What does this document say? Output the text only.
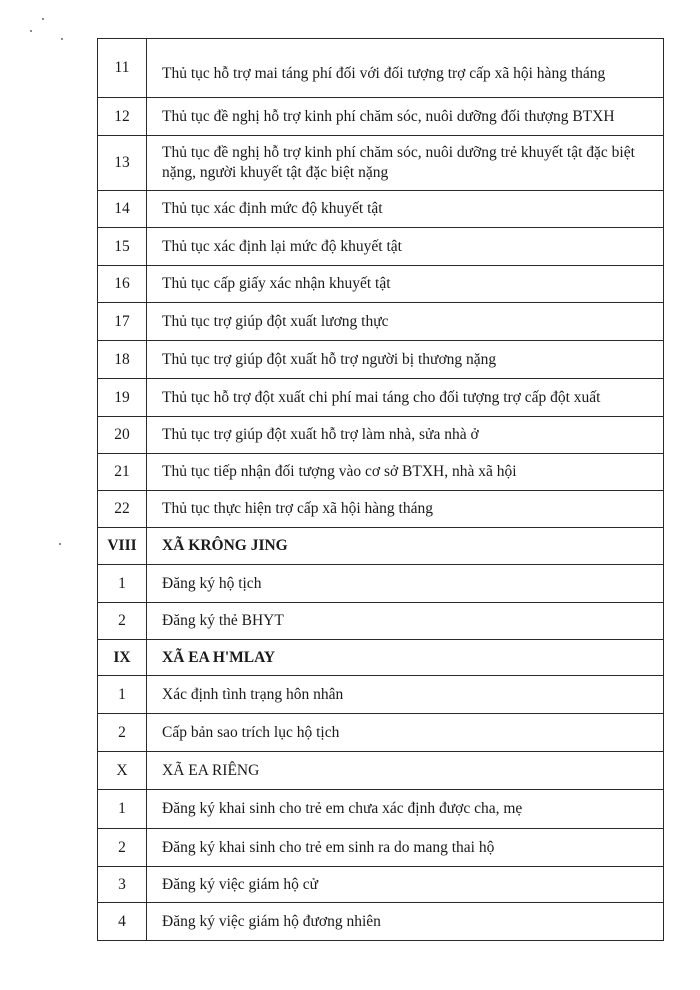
11	Thủ tục hỗ trợ mai táng phí đối với đối tượng trợ cấp xã hội hàng tháng
12	Thủ tục đề nghị hỗ trợ kinh phí chăm sóc, nuôi dưỡng đối thượng BTXH
13	Thủ tục đề nghị hỗ trợ kinh phí chăm sóc, nuôi dưỡng trẻ khuyết tật đặc biệt nặng, người khuyết tật đặc biệt nặng
14	Thủ tục xác định mức độ khuyết tật
15	Thủ tục xác định lại mức độ khuyết tật
16	Thủ tục cấp giấy xác nhận khuyết tật
17	Thủ tục trợ giúp đột xuất lương thực
18	Thủ tục trợ giúp đột xuất hỗ trợ người bị thương nặng
19	Thủ tục hỗ trợ đột xuất chi phí mai táng cho đối tượng trợ cấp đột xuất
20	Thủ tục trợ giúp đột xuất hỗ trợ làm nhà, sửa nhà ở
21	Thủ tục tiếp nhận đối tượng vào cơ sở BTXH, nhà xã hội
22	Thủ tục thực hiện trợ cấp xã hội hàng tháng
VIII	XÃ KRÔNG JING
1	Đăng ký hộ tịch
2	Đăng ký thẻ BHYT
IX	XÃ EA H'MLAY
1	Xác định tình trạng hôn nhân
2	Cấp bản sao trích lục hộ tịch
X	XÃ EA RIÊNG
1	Đăng ký khai sinh cho trẻ em chưa xác định được cha, mẹ
2	Đăng ký khai sinh cho trẻ em sinh ra do mang thai hộ
3	Đăng ký việc giám hộ cử
4	Đăng ký việc giám hộ đương nhiên
